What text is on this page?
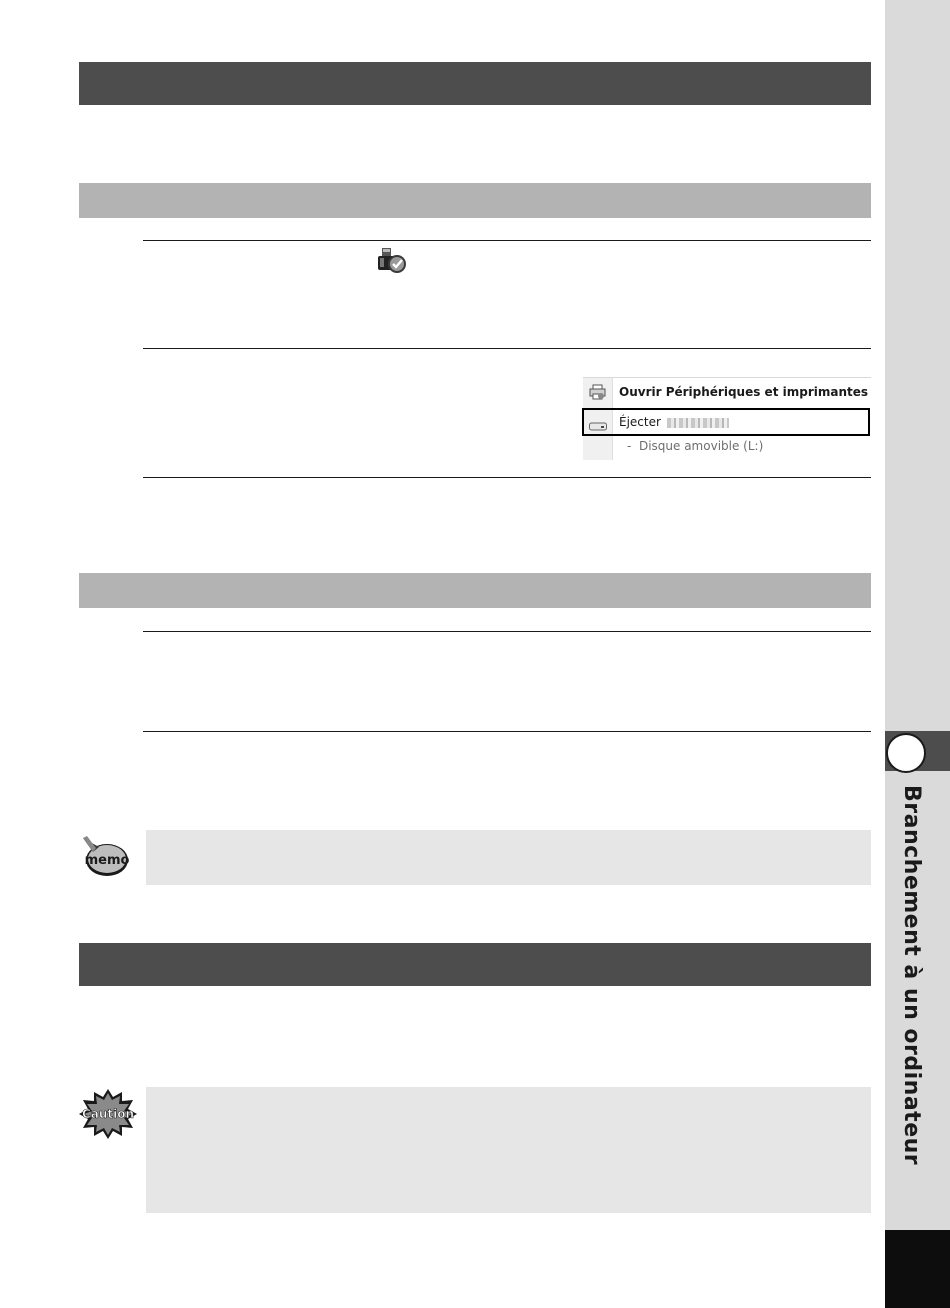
Branchement à un ordinateur
Ouvrir Périphériques et imprimantes
Éjecter
-  Disque amovible (L:)
memo
Caution
